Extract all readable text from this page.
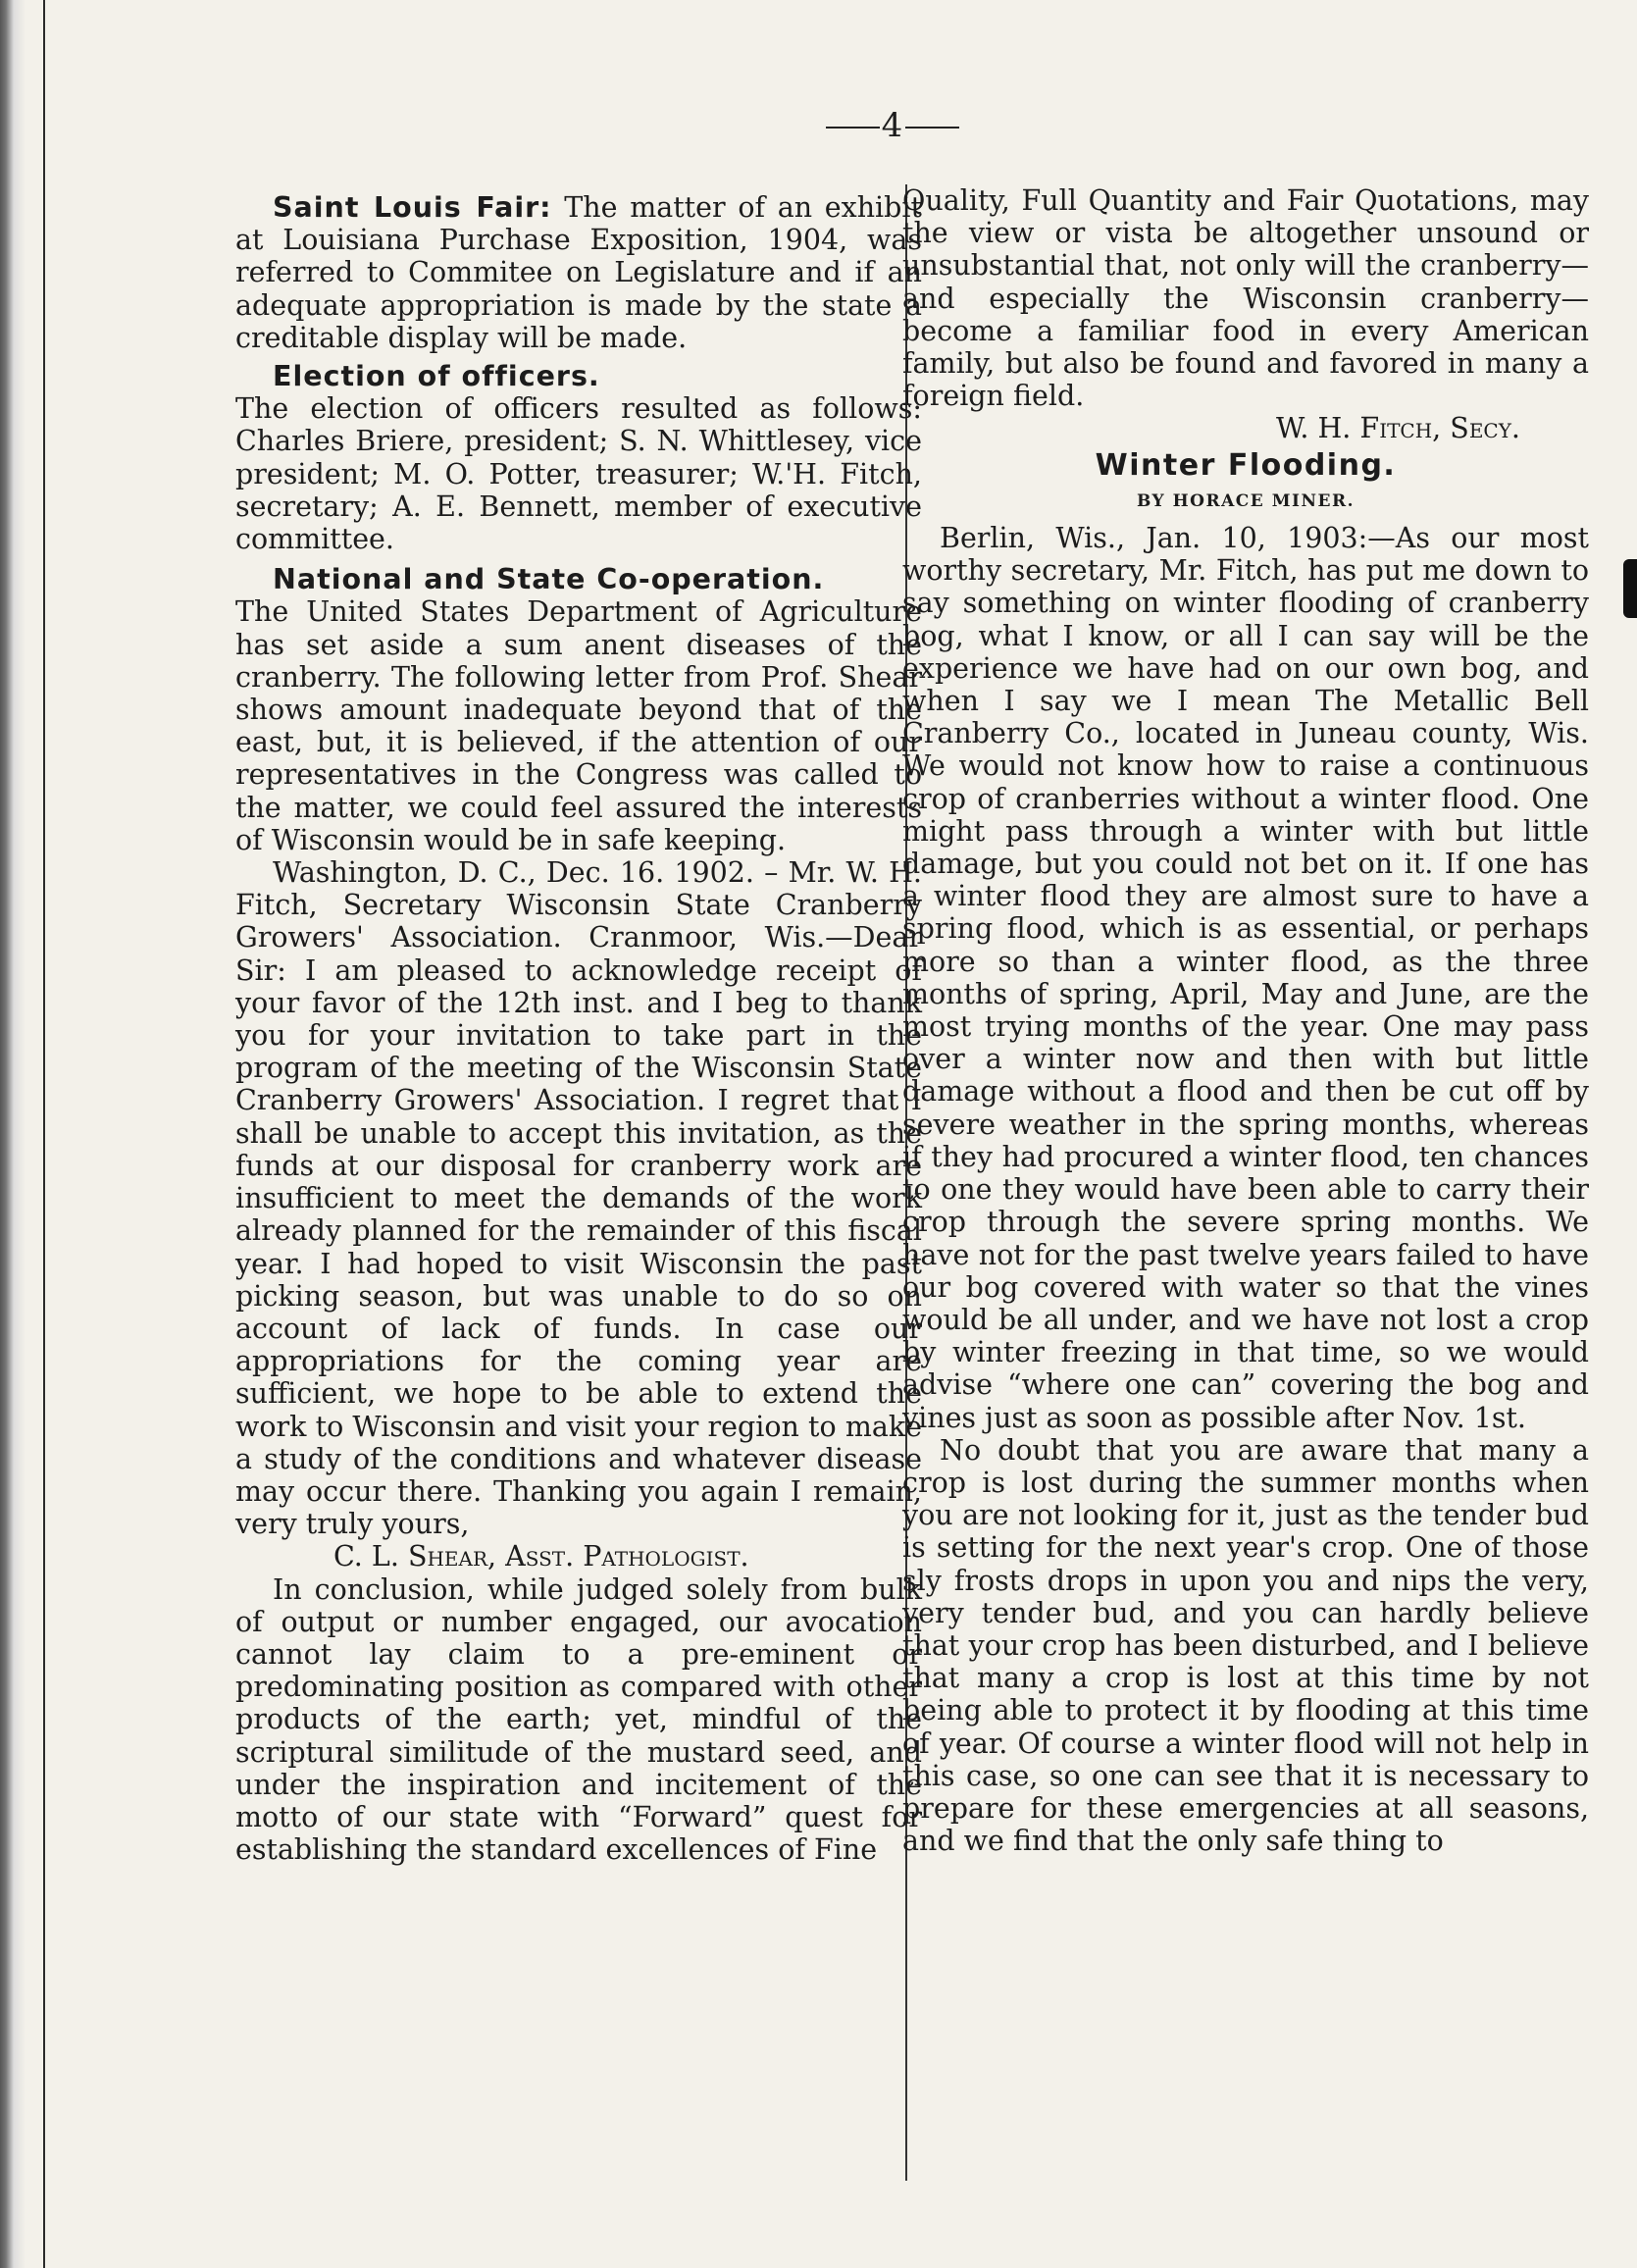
4

Saint Louis Fair: The matter of an exhibit at Louisiana Purchase Exposition, 1904, was referred to Commitee on Legislature and if an adequate appropriation is made by the state a creditable display will be made.

Election of officers.

The election of officers resulted as follows: Charles Briere, president; S. N. Whittlesey, vice president; M. O. Potter, treasurer; W.'H. Fitch, secretary; A. E. Bennett, member of executive committee.

National and State Co-operation.

The United States Department of Agriculture has set aside a sum anent diseases of the cranberry. The following letter from Prof. Shear shows amount inadequate beyond that of the east, but, it is believed, if the attention of our representatives in the Congress was called to the matter, we could feel assured the interests of Wisconsin would be in safe keeping.

Washington, D. C., Dec. 16. 1902. – Mr. W. H. Fitch, Secretary Wisconsin State Cranberry Growers' Association. Cranmoor, Wis.—Dear Sir: I am pleased to acknowledge receipt of your favor of the 12th inst. and I beg to thank you for your invitation to take part in the program of the meeting of the Wisconsin State Cranberry Growers' Association. I regret that I shall be unable to accept this invitation, as the funds at our disposal for cranberry work are insufficient to meet the demands of the work already planned for the remainder of this fiscal year. I had hoped to visit Wisconsin the past picking season, but was unable to do so on account of lack of funds. In case our appropriations for the coming year are sufficient, we hope to be able to extend the work to Wisconsin and visit your region to make a study of the conditions and whatever disease may occur there. Thanking you again I remain, very truly yours,

C. L. Shear, Asst. Pathologist.

In conclusion, while judged solely from bulk of output or number engaged, our avocation cannot lay claim to a pre-eminent or predominating position as compared with other products of the earth; yet, mindful of the scriptural similitude of the mustard seed, and under the inspiration and incitement of the motto of our state with “Forward” quest for establishing the standard excellences of Fine

Quality, Full Quantity and Fair Quotations, may the view or vista be altogether unsound or unsubstantial that, not only will the cranberry—and especially the Wisconsin cranberry—become a familiar food in every American family, but also be found and favored in many a foreign field.

W. H. Fitch, Secy.

Winter Flooding.

BY HORACE MINER.

Berlin, Wis., Jan. 10, 1903:—As our most worthy secretary, Mr. Fitch, has put me down to say something on winter flooding of cranberry bog, what I know, or all I can say will be the experience we have had on our own bog, and when I say we I mean The Metallic Bell Cranberry Co., located in Juneau county, Wis. We would not know how to raise a continuous crop of cranberries without a winter flood. One might pass through a winter with but little damage, but you could not bet on it. If one has a winter flood they are almost sure to have a spring flood, which is as essential, or perhaps more so than a winter flood, as the three months of spring, April, May and June, are the most trying months of the year. One may pass over a winter now and then with but little damage without a flood and then be cut off by severe weather in the spring months, whereas if they had procured a winter flood, ten chances to one they would have been able to carry their crop through the severe spring months. We have not for the past twelve years failed to have our bog covered with water so that the vines would be all under, and we have not lost a crop by winter freezing in that time, so we would advise “where one can” covering the bog and vines just as soon as possible after Nov. 1st.

No doubt that you are aware that many a crop is lost during the summer months when you are not looking for it, just as the tender bud is setting for the next year's crop. One of those sly frosts drops in upon you and nips the very, very tender bud, and you can hardly believe that your crop has been disturbed, and I believe that many a crop is lost at this time by not being able to protect it by flooding at this time of year. Of course a winter flood will not help in this case, so one can see that it is necessary to prepare for these emergencies at all seasons, and we find that the only safe thing to
